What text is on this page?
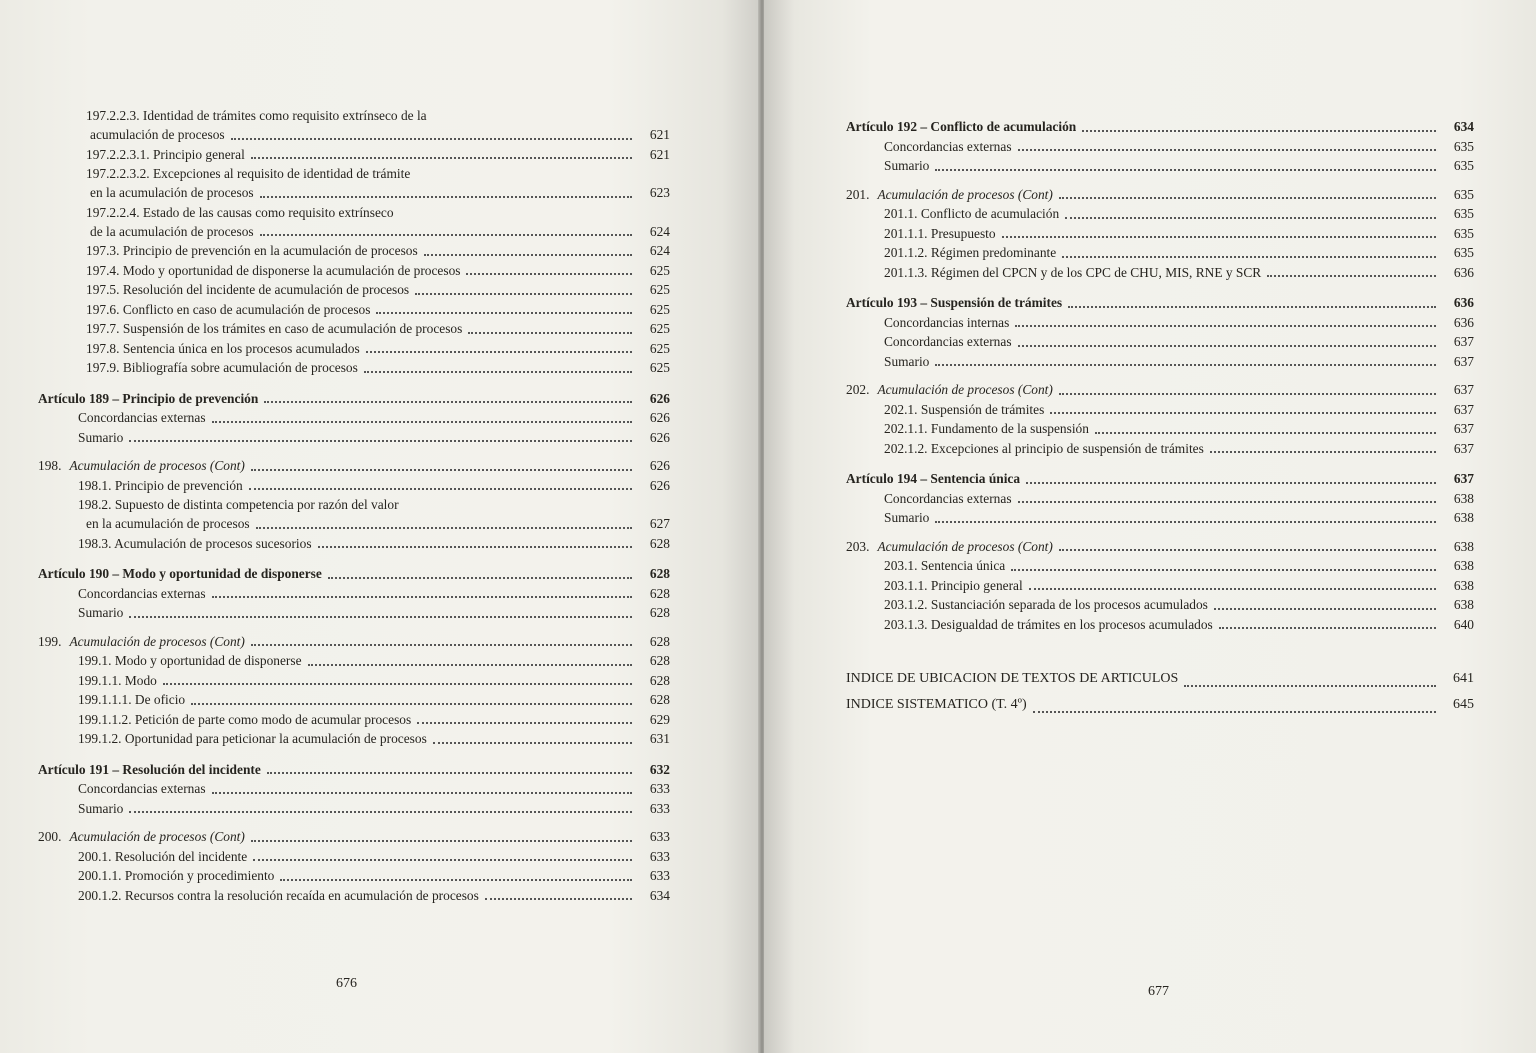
197.2.2.3. Identidad de trámites como requisito extrínseco de la
acumulación de procesos	621
197.2.2.3.1. Principio general	621
197.2.2.3.2. Excepciones al requisito de identidad de trámite
en la acumulación de procesos	623
197.2.2.4. Estado de las causas como requisito extrínseco
de la acumulación de procesos	624
197.3. Principio de prevención en la acumulación de procesos	624
197.4. Modo y oportunidad de disponerse la acumulación de procesos	625
197.5. Resolución del incidente de acumulación de procesos	625
197.6. Conflicto en caso de acumulación de procesos	625
197.7. Suspensión de los trámites en caso de acumulación de procesos	625
197.8. Sentencia única en los procesos acumulados	625
197.9. Bibliografía sobre acumulación de procesos	625
Artículo 189 – Principio de prevención	626
Concordancias externas	626
Sumario	626
198. Acumulación de procesos (Cont)	626
198.1. Principio de prevención	626
198.2. Supuesto de distinta competencia por razón del valor
en la acumulación de procesos	627
198.3. Acumulación de procesos sucesorios	628
Artículo 190 – Modo y oportunidad de disponerse	628
Concordancias externas	628
Sumario	628
199. Acumulación de procesos (Cont)	628
199.1. Modo y oportunidad de disponerse	628
199.1.1. Modo	628
199.1.1.1. De oficio	628
199.1.1.2. Petición de parte como modo de acumular procesos	629
199.1.2. Oportunidad para peticionar la acumulación de procesos	631
Artículo 191 – Resolución del incidente	632
Concordancias externas	633
Sumario	633
200. Acumulación de procesos (Cont)	633
200.1. Resolución del incidente	633
200.1.1. Promoción y procedimiento	633
200.1.2. Recursos contra la resolución recaída en acumulación de procesos	634
676
Artículo 192 – Conflicto de acumulación	634
Concordancias externas	635
Sumario	635
201. Acumulación de procesos (Cont)	635
201.1. Conflicto de acumulación	635
201.1.1. Presupuesto	635
201.1.2. Régimen predominante	635
201.1.3. Régimen del CPCN y de los CPC de CHU, MIS, RNE y SCR	636
Artículo 193 – Suspensión de trámites	636
Concordancias internas	636
Concordancias externas	637
Sumario	637
202. Acumulación de procesos (Cont)	637
202.1. Suspensión de trámites	637
202.1.1. Fundamento de la suspensión	637
202.1.2. Excepciones al principio de suspensión de trámites	637
Artículo 194 – Sentencia única	637
Concordancias externas	638
Sumario	638
203. Acumulación de procesos (Cont)	638
203.1. Sentencia única	638
203.1.1. Principio general	638
203.1.2. Sustanciación separada de los procesos acumulados	638
203.1.3. Desigualdad de trámites en los procesos acumulados	640
INDICE DE UBICACION DE TEXTOS DE ARTICULOS	641
INDICE SISTEMATICO (T. 4º)	645
677
